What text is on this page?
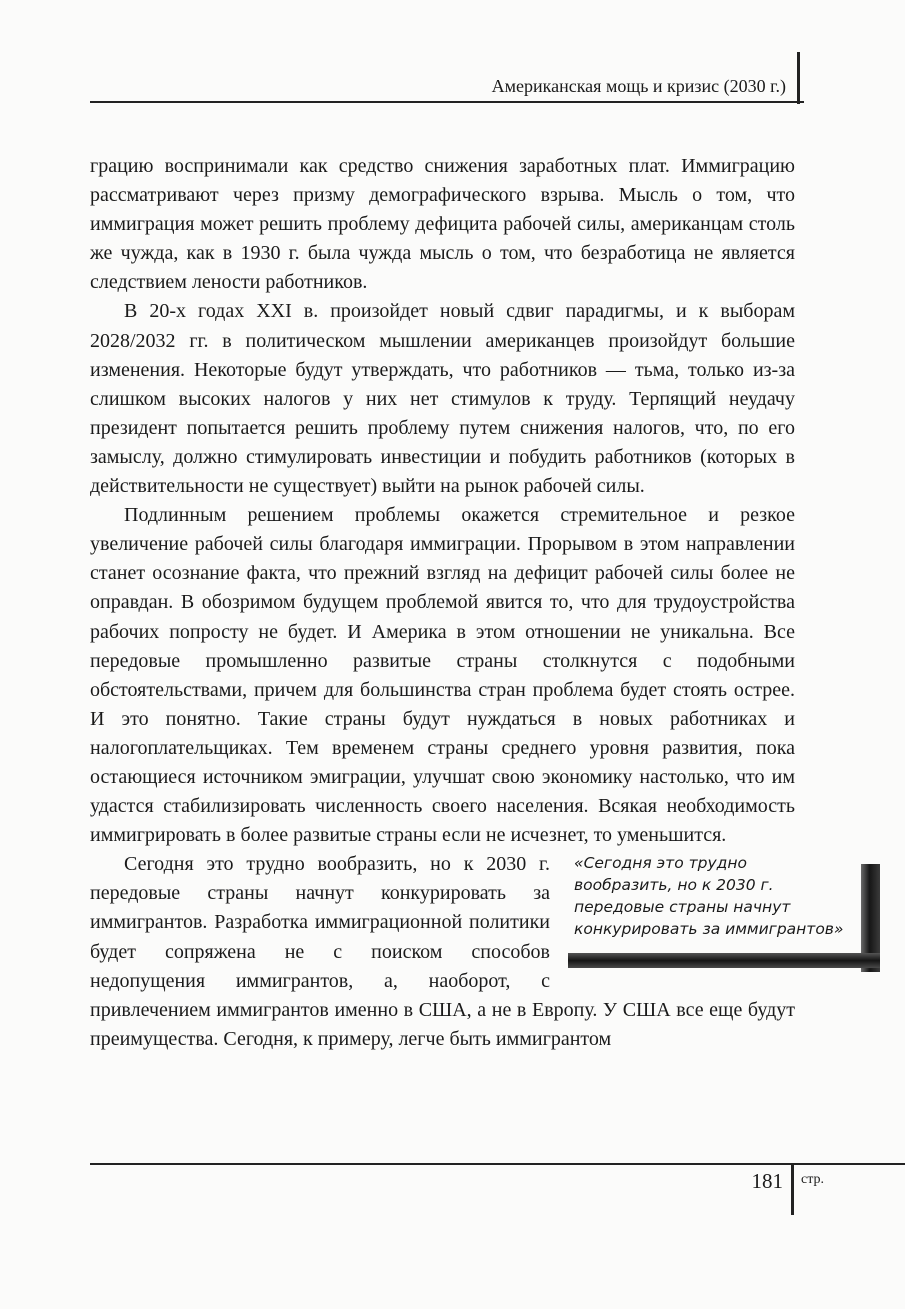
Американская мощь и кризис (2030 г.)

грацию воспринимали как средство снижения заработных плат. Иммиграцию рассматривают через призму демографического взрыва. Мысль о том, что иммиграция может решить проблему дефицита рабочей силы, американцам столь же чужда, как в 1930 г. была чужда мысль о том, что безработица не является следствием лености работников.

В 20-х годах XXI в. произойдет новый сдвиг парадигмы, и к выборам 2028/2032 гг. в политическом мышлении американцев произойдут большие изменения. Некоторые будут утверждать, что работников — тьма, только из-за слишком высоких налогов у них нет стимулов к труду. Терпящий неудачу президент попытается решить проблему путем снижения налогов, что, по его замыслу, должно стимулировать инвестиции и побудить работников (которых в действительности не существует) выйти на рынок рабочей силы.

Подлинным решением проблемы окажется стремительное и резкое увеличение рабочей силы благодаря иммиграции. Прорывом в этом направлении станет осознание факта, что прежний взгляд на дефицит рабочей силы более не оправдан. В обозримом будущем проблемой явится то, что для трудоустройства рабочих попросту не будет. И Америка в этом отношении не уникальна. Все передовые промышленно развитые страны столкнутся с подобными обстоятельствами, причем для большинства стран проблема будет стоять острее. И это понятно. Такие страны будут нуждаться в новых работниках и налогоплательщиках. Тем временем страны среднего уровня развития, пока остающиеся источником эмиграции, улучшат свою экономику настолько, что им удастся стабилизировать численность своего населения. Всякая необходимость иммигрировать в более развитые страны если не исчезнет, то уменьшится.

«Сегодня это трудно вообразить, но к 2030 г. передовые страны начнут конкурировать за иммигрантов»
Сегодня это трудно вообразить, но к 2030 г. передовые страны начнут конкурировать за иммигрантов. Разработка иммиграционной политики будет сопряжена не с поиском способов недопущения иммигрантов, а, наоборот, с привлечением иммигрантов именно в США, а не в Европу. У США все еще будут преимущества. Сегодня, к примеру, легче быть иммигрантом

181 стр.
